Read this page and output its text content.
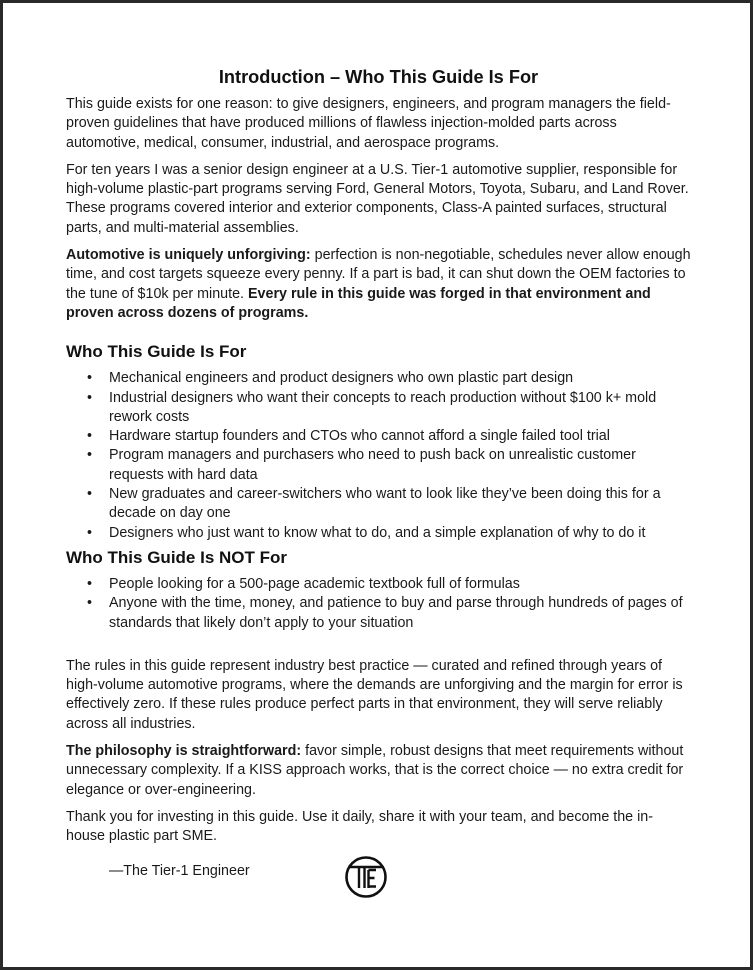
Introduction – Who This Guide Is For

This guide exists for one reason: to give designers, engineers, and program managers the field-proven guidelines that have produced millions of flawless injection-molded parts across automotive, medical, consumer, industrial, and aerospace programs.

For ten years I was a senior design engineer at a U.S. Tier-1 automotive supplier, responsible for high-volume plastic-part programs serving Ford, General Motors, Toyota, Subaru, and Land Rover. These programs covered interior and exterior components, Class-A painted surfaces, structural parts, and multi-material assemblies.

Automotive is uniquely unforgiving: perfection is non-negotiable, schedules never allow enough time, and cost targets squeeze every penny. If a part is bad, it can shut down the OEM factories to the tune of $10k per minute. Every rule in this guide was forged in that environment and proven across dozens of programs.

Who This Guide Is For
• Mechanical engineers and product designers who own plastic part design
• Industrial designers who want their concepts to reach production without $100 k+ mold rework costs
• Hardware startup founders and CTOs who cannot afford a single failed tool trial
• Program managers and purchasers who need to push back on unrealistic customer requests with hard data
• New graduates and career-switchers who want to look like they’ve been doing this for a decade on day one
• Designers who just want to know what to do, and a simple explanation of why to do it
Who This Guide Is NOT For
• People looking for a 500-page academic textbook full of formulas
• Anyone with the time, money, and patience to buy and parse through hundreds of pages of standards that likely don’t apply to your situation

The rules in this guide represent industry best practice — curated and refined through years of high-volume automotive programs, where the demands are unforgiving and the margin for error is effectively zero. If these rules produce perfect parts in that environment, they will serve reliably across all industries.

The philosophy is straightforward: favor simple, robust designs that meet requirements without unnecessary complexity. If a KISS approach works, that is the correct choice — no extra credit for elegance or over-engineering.

Thank you for investing in this guide. Use it daily, share it with your team, and become the in-house plastic part SME.

—The Tier-1 Engineer
